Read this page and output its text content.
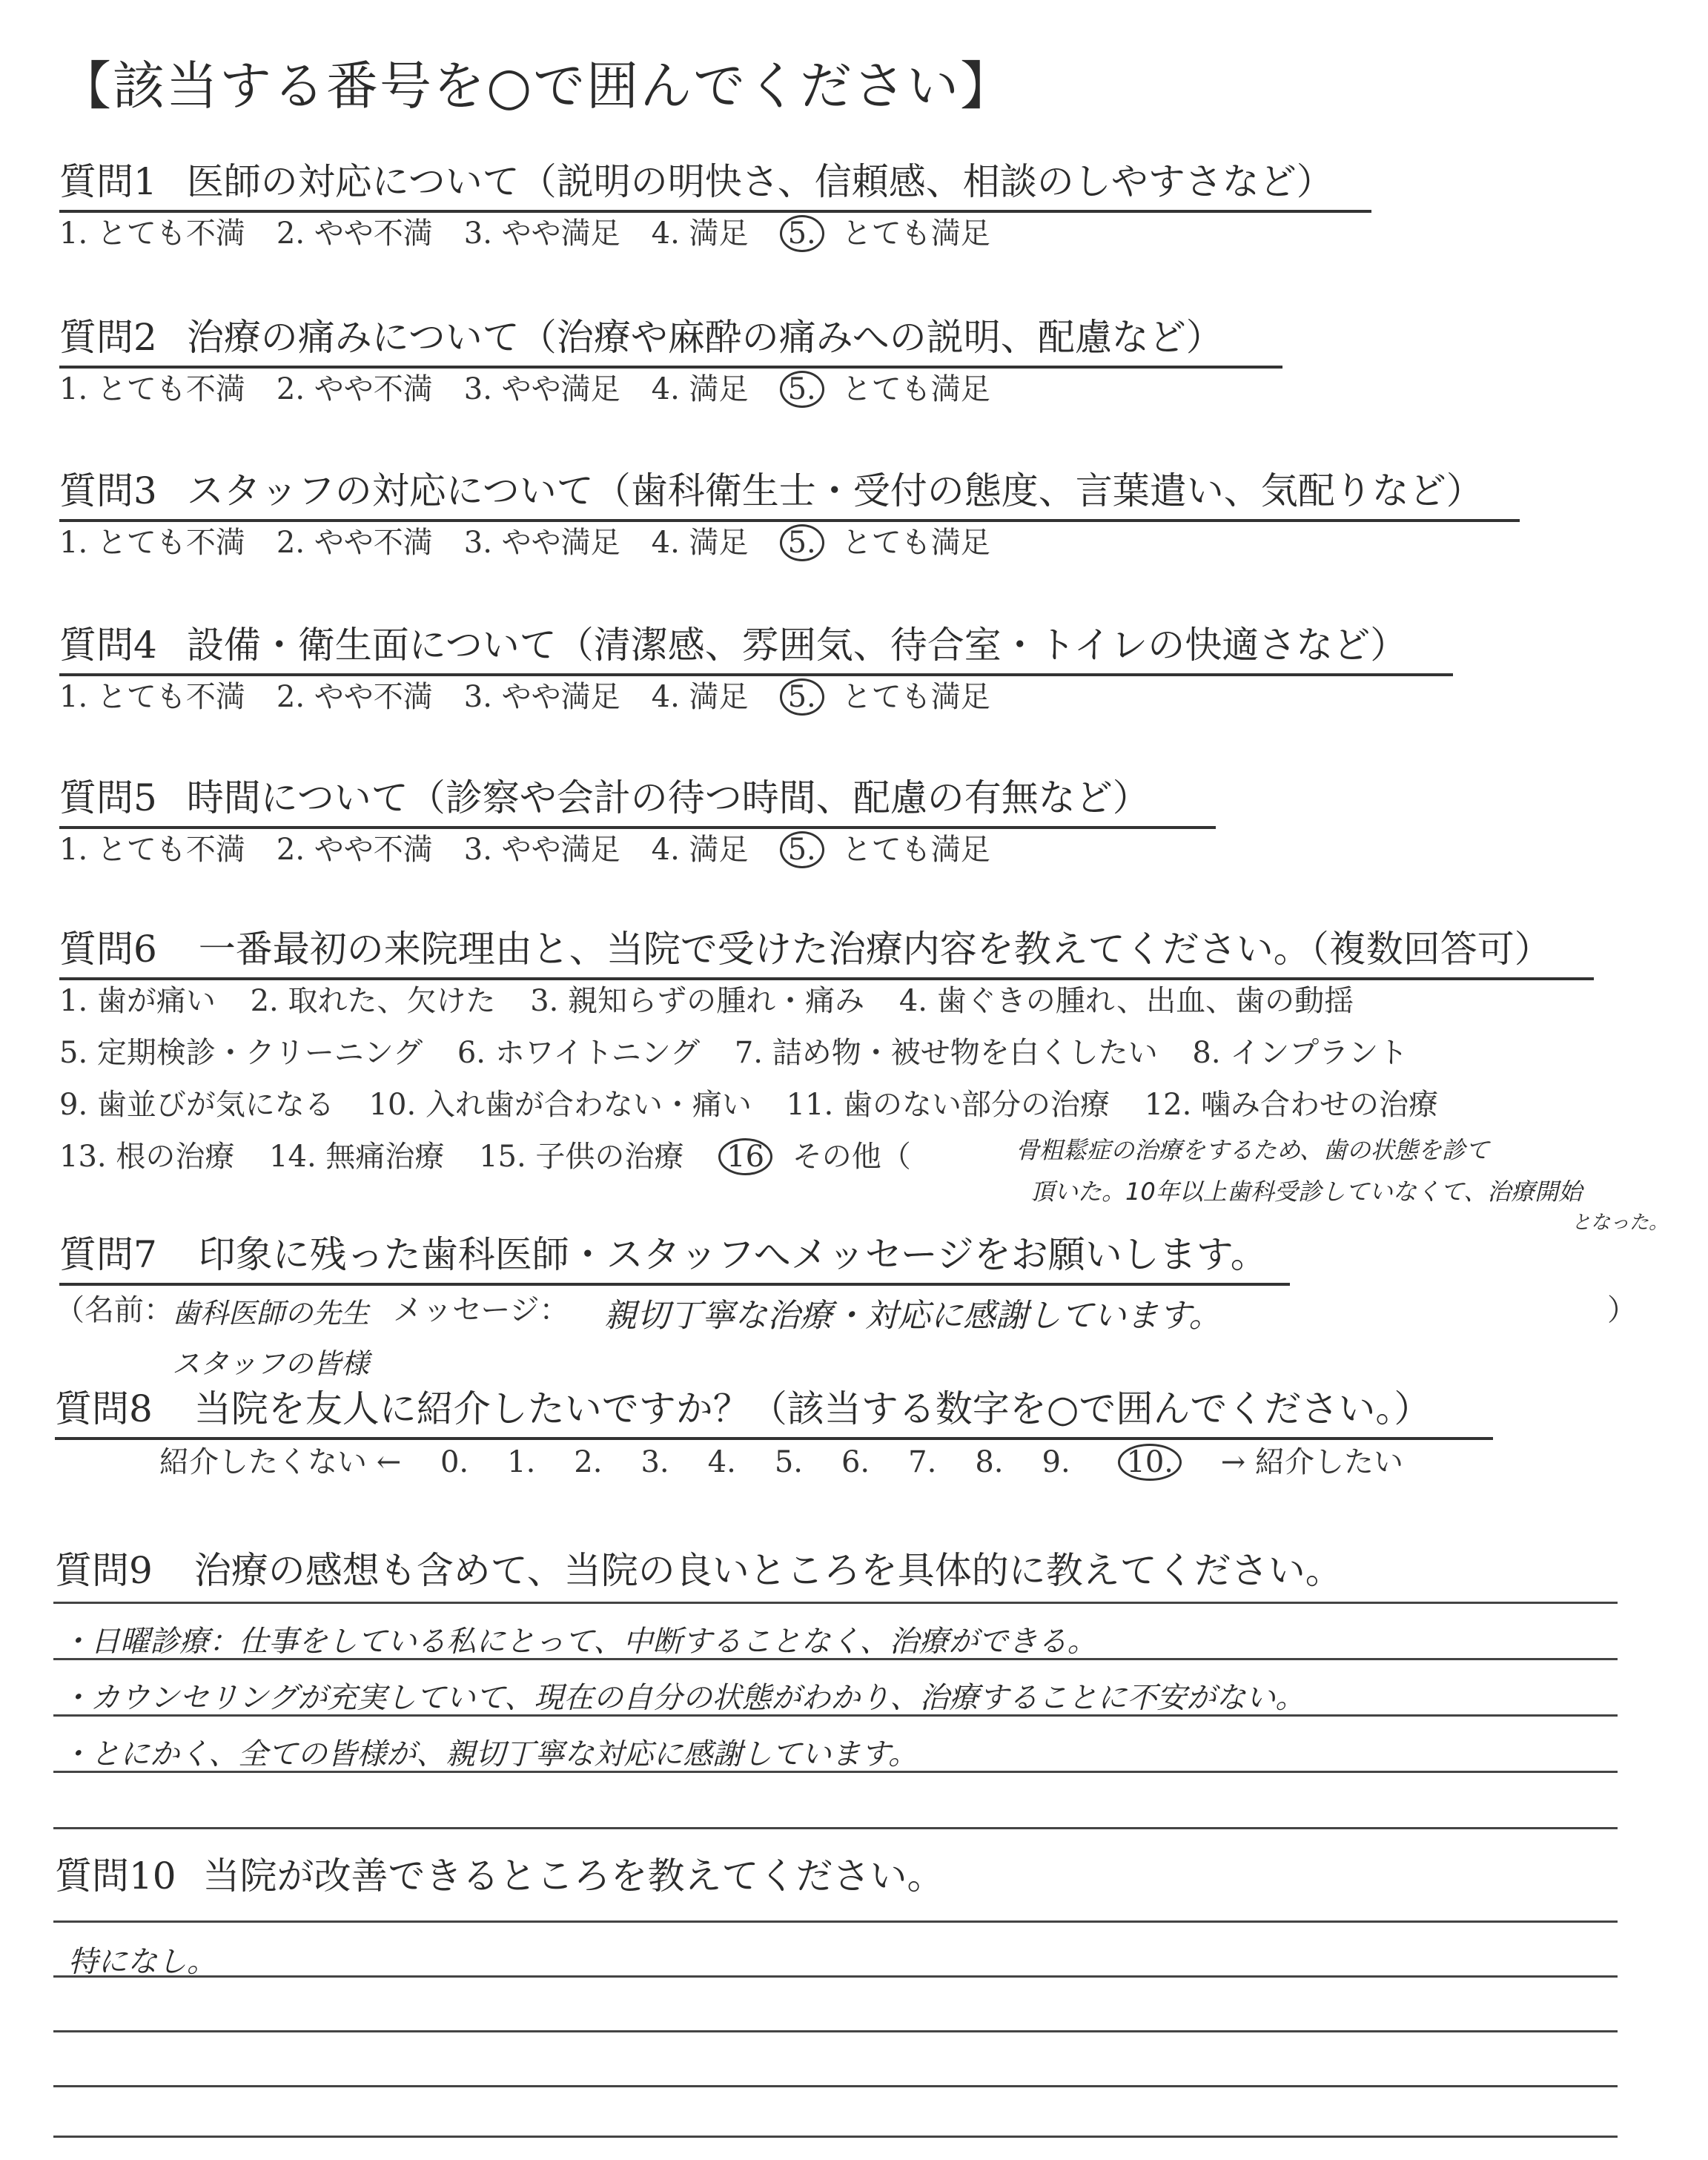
【該当する番号を○で囲んでください】
質問1 医師の対応について（説明の明快さ、信頼感、相談のしやすさなど）
1. とても不満 2. やや不満 3. やや満足 4. 満足 5. とても満足
質問2 治療の痛みについて（治療や麻酔の痛みへの説明、配慮など）
1. とても不満 2. やや不満 3. やや満足 4. 満足 5. とても満足
質問3 スタッフの対応について（歯科衛生士・受付の態度、言葉遣い、気配りなど）
1. とても不満 2. やや不満 3. やや満足 4. 満足 5. とても満足
質問4 設備・衛生面について（清潔感、雰囲気、待合室・トイレの快適さなど）
1. とても不満 2. やや不満 3. やや満足 4. 満足 5. とても満足
質問5 時間について（診察や会計の待つ時間、配慮の有無など）
1. とても不満 2. やや不満 3. やや満足 4. 満足 5. とても満足
質問6 一番最初の来院理由と、当院で受けた治療内容を教えてください。（複数回答可）
1. 歯が痛い 2. 取れた、欠けた 3. 親知らずの腫れ・痛み 4. 歯ぐきの腫れ、出血、歯の動揺
5. 定期検診・クリーニング 6. ホワイトニング 7. 詰め物・被せ物を白くしたい 8. インプラント
9. 歯並びが気になる 10. 入れ歯が合わない・痛い 11. 歯のない部分の治療 12. 噛み合わせの治療
13. 根の治療 14. 無痛治療 15. 子供の治療 16 その他（	骨粗鬆症の治療をするため、歯の状態を診て
頂いた。10年以上歯科受診していなくて、治療開始
となった。
質問7 印象に残った歯科医師・スタッフへメッセージをお願いします。
（名前：
歯科医師の先生
スタッフの皆様
メッセージ： 親切丁寧な治療・対応に感謝しています。	）
質問8 当院を友人に紹介したいですか？（該当する数字を○で囲んでください。）
紹介したくない ← 0. 1. 2. 3. 4. 5. 6. 7. 8. 9. 10. → 紹介したい
質問9 治療の感想も含めて、当院の良いところを具体的に教えてください。
・日曜診療：仕事をしている私にとって、中断することなく、治療ができる。
・カウンセリングが充実していて、現在の自分の状態がわかり、治療することに不安がない。
・とにかく、全ての皆様が、親切丁寧な対応に感謝しています。
質問10 当院が改善できるところを教えてください。
特になし。
